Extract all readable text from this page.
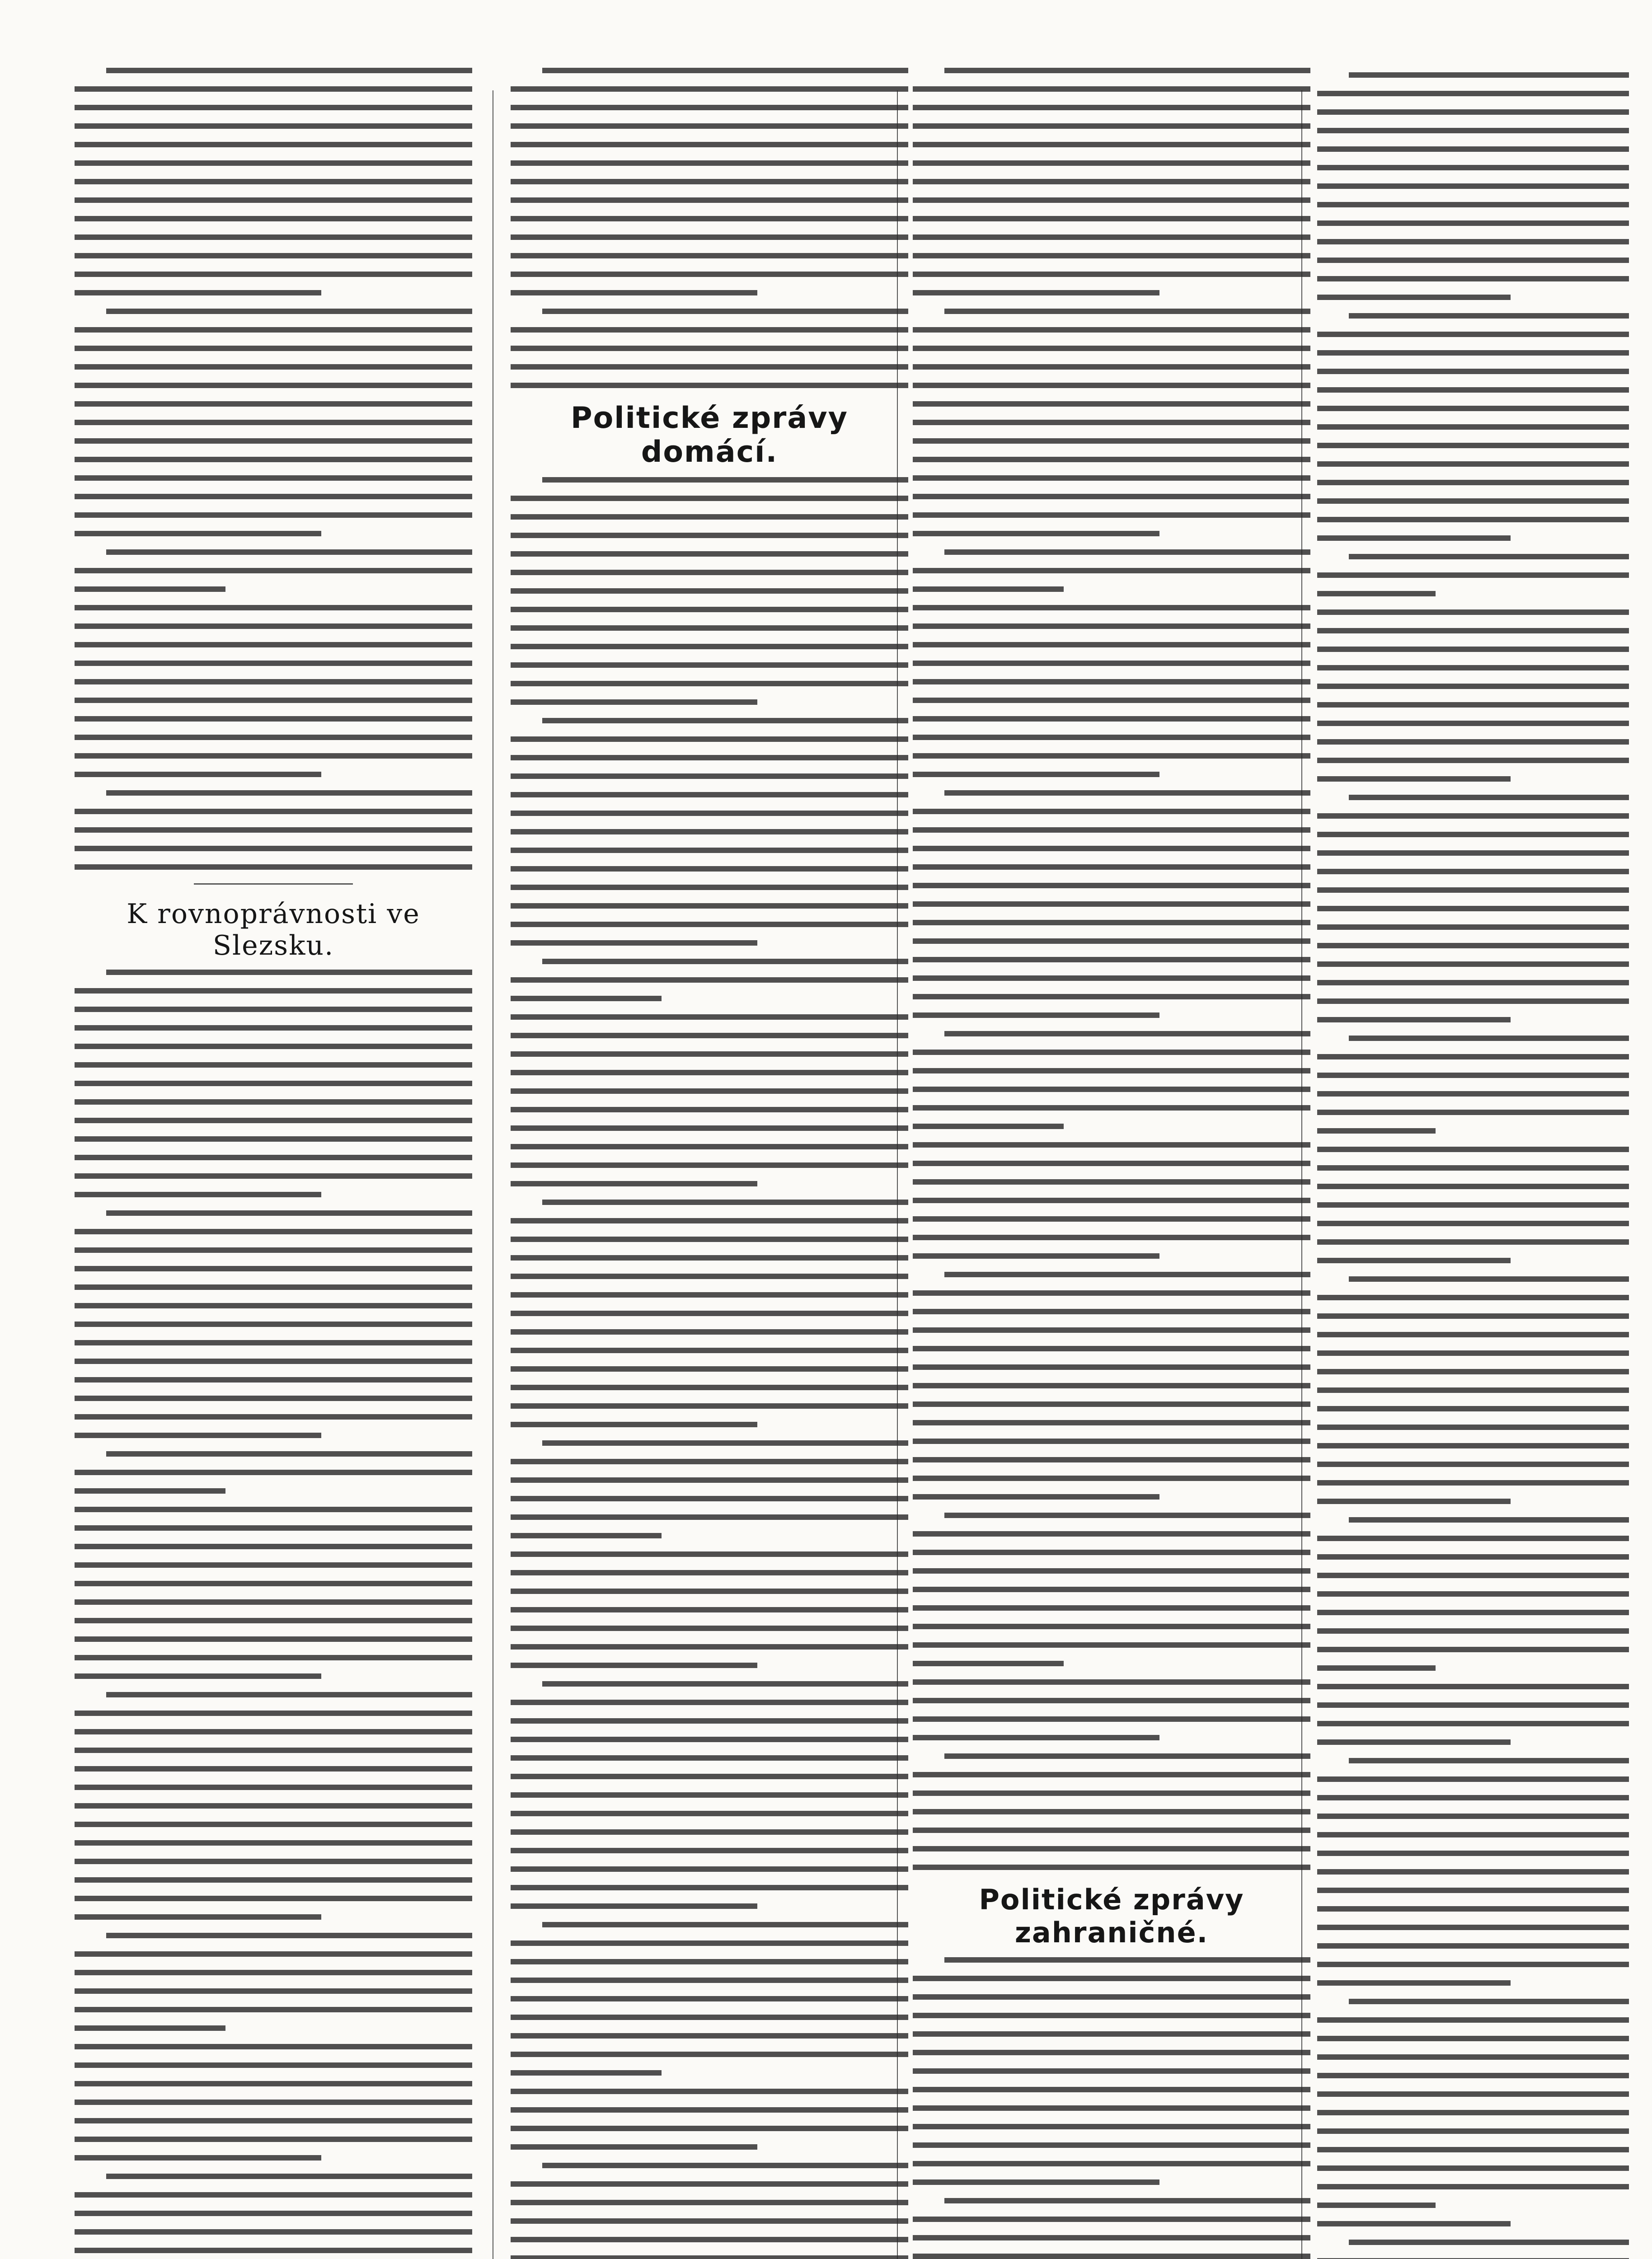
K rovnoprávnosti ve Slezsku.
Politické zprávy domácí.
Politické zprávy zahraničné.
